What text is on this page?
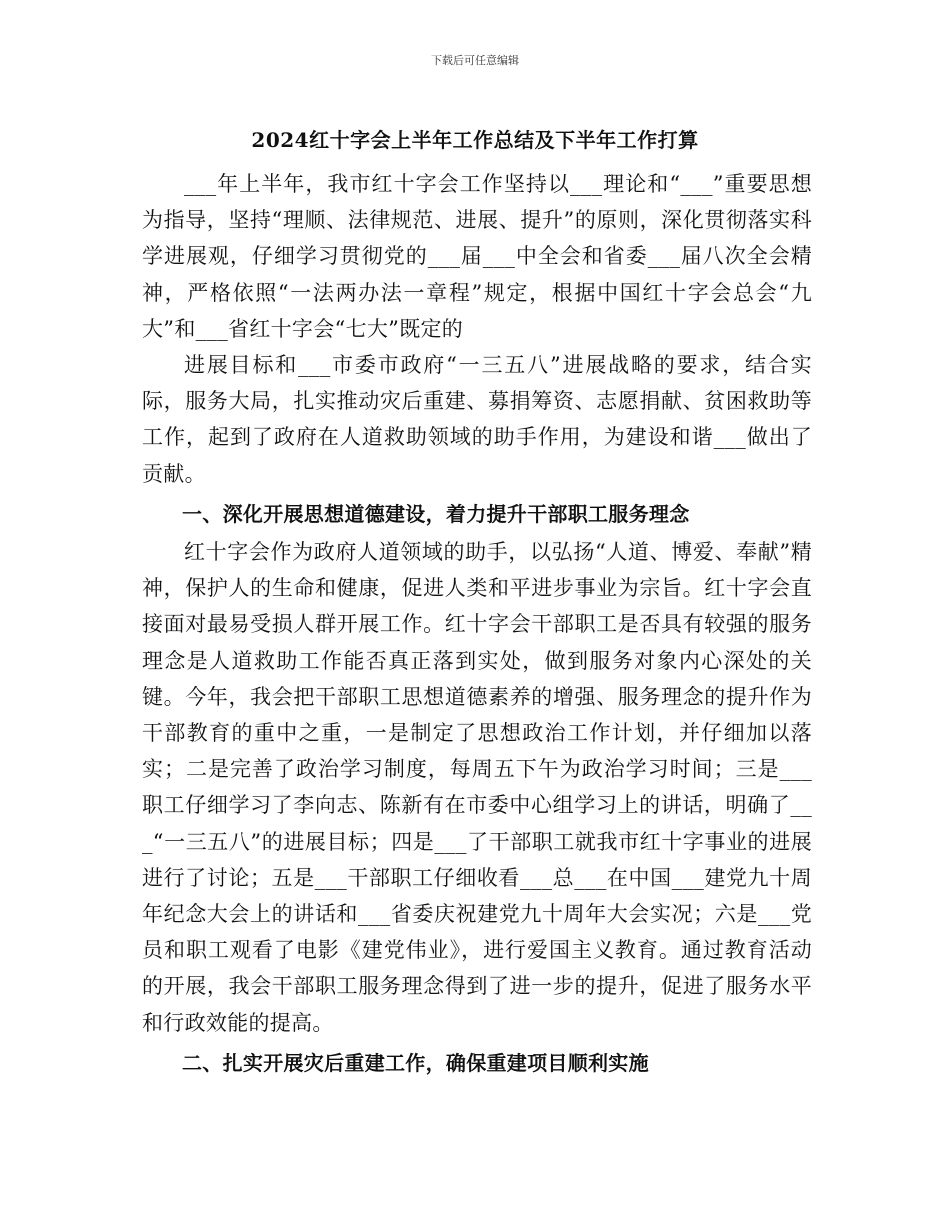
下载后可任意编辑
2024红十字会上半年工作总结及下半年工作打算

___年上半年，我市红十字会工作坚持以___理论和“___”重要思想为指导，坚持“理顺、法律规范、进展、提升”的原则，深化贯彻落实科学进展观，仔细学习贯彻党的___届___中全会和省委___届八次全会精神，严格依照“一法两办法一章程”规定，根据中国红十字会总会“九大”和___省红十字会“七大”既定的

进展目标和___市委市政府“一三五八”进展战略的要求，结合实际，服务大局，扎实推动灾后重建、募捐筹资、志愿捐献、贫困救助等工作，起到了政府在人道救助领域的助手作用，为建设和谐___做出了贡献。

一、深化开展思想道德建设，着力提升干部职工服务理念

红十字会作为政府人道领域的助手，以弘扬“人道、博爱、奉献”精神，保护人的生命和健康，促进人类和平进步事业为宗旨。红十字会直接面对最易受损人群开展工作。红十字会干部职工是否具有较强的服务理念是人道救助工作能否真正落到实处，做到服务对象内心深处的关键。今年，我会把干部职工思想道德素养的增强、服务理念的提升作为干部教育的重中之重，一是制定了思想政治工作计划，并仔细加以落实；二是完善了政治学习制度，每周五下午为政治学习时间；三是___职工仔细学习了李向志、陈新有在市委中心组学习上的讲话，明确了___“一三五八”的进展目标；四是___了干部职工就我市红十字事业的进展进行了讨论；五是___干部职工仔细收看___总___在中国___建党九十周年纪念大会上的讲话和___省委庆祝建党九十周年大会实况；六是___党员和职工观看了电影《建党伟业》，进行爱国主义教育。通过教育活动的开展，我会干部职工服务理念得到了进一步的提升，促进了服务水平和行政效能的提高。

二、扎实开展灾后重建工作，确保重建项目顺利实施
